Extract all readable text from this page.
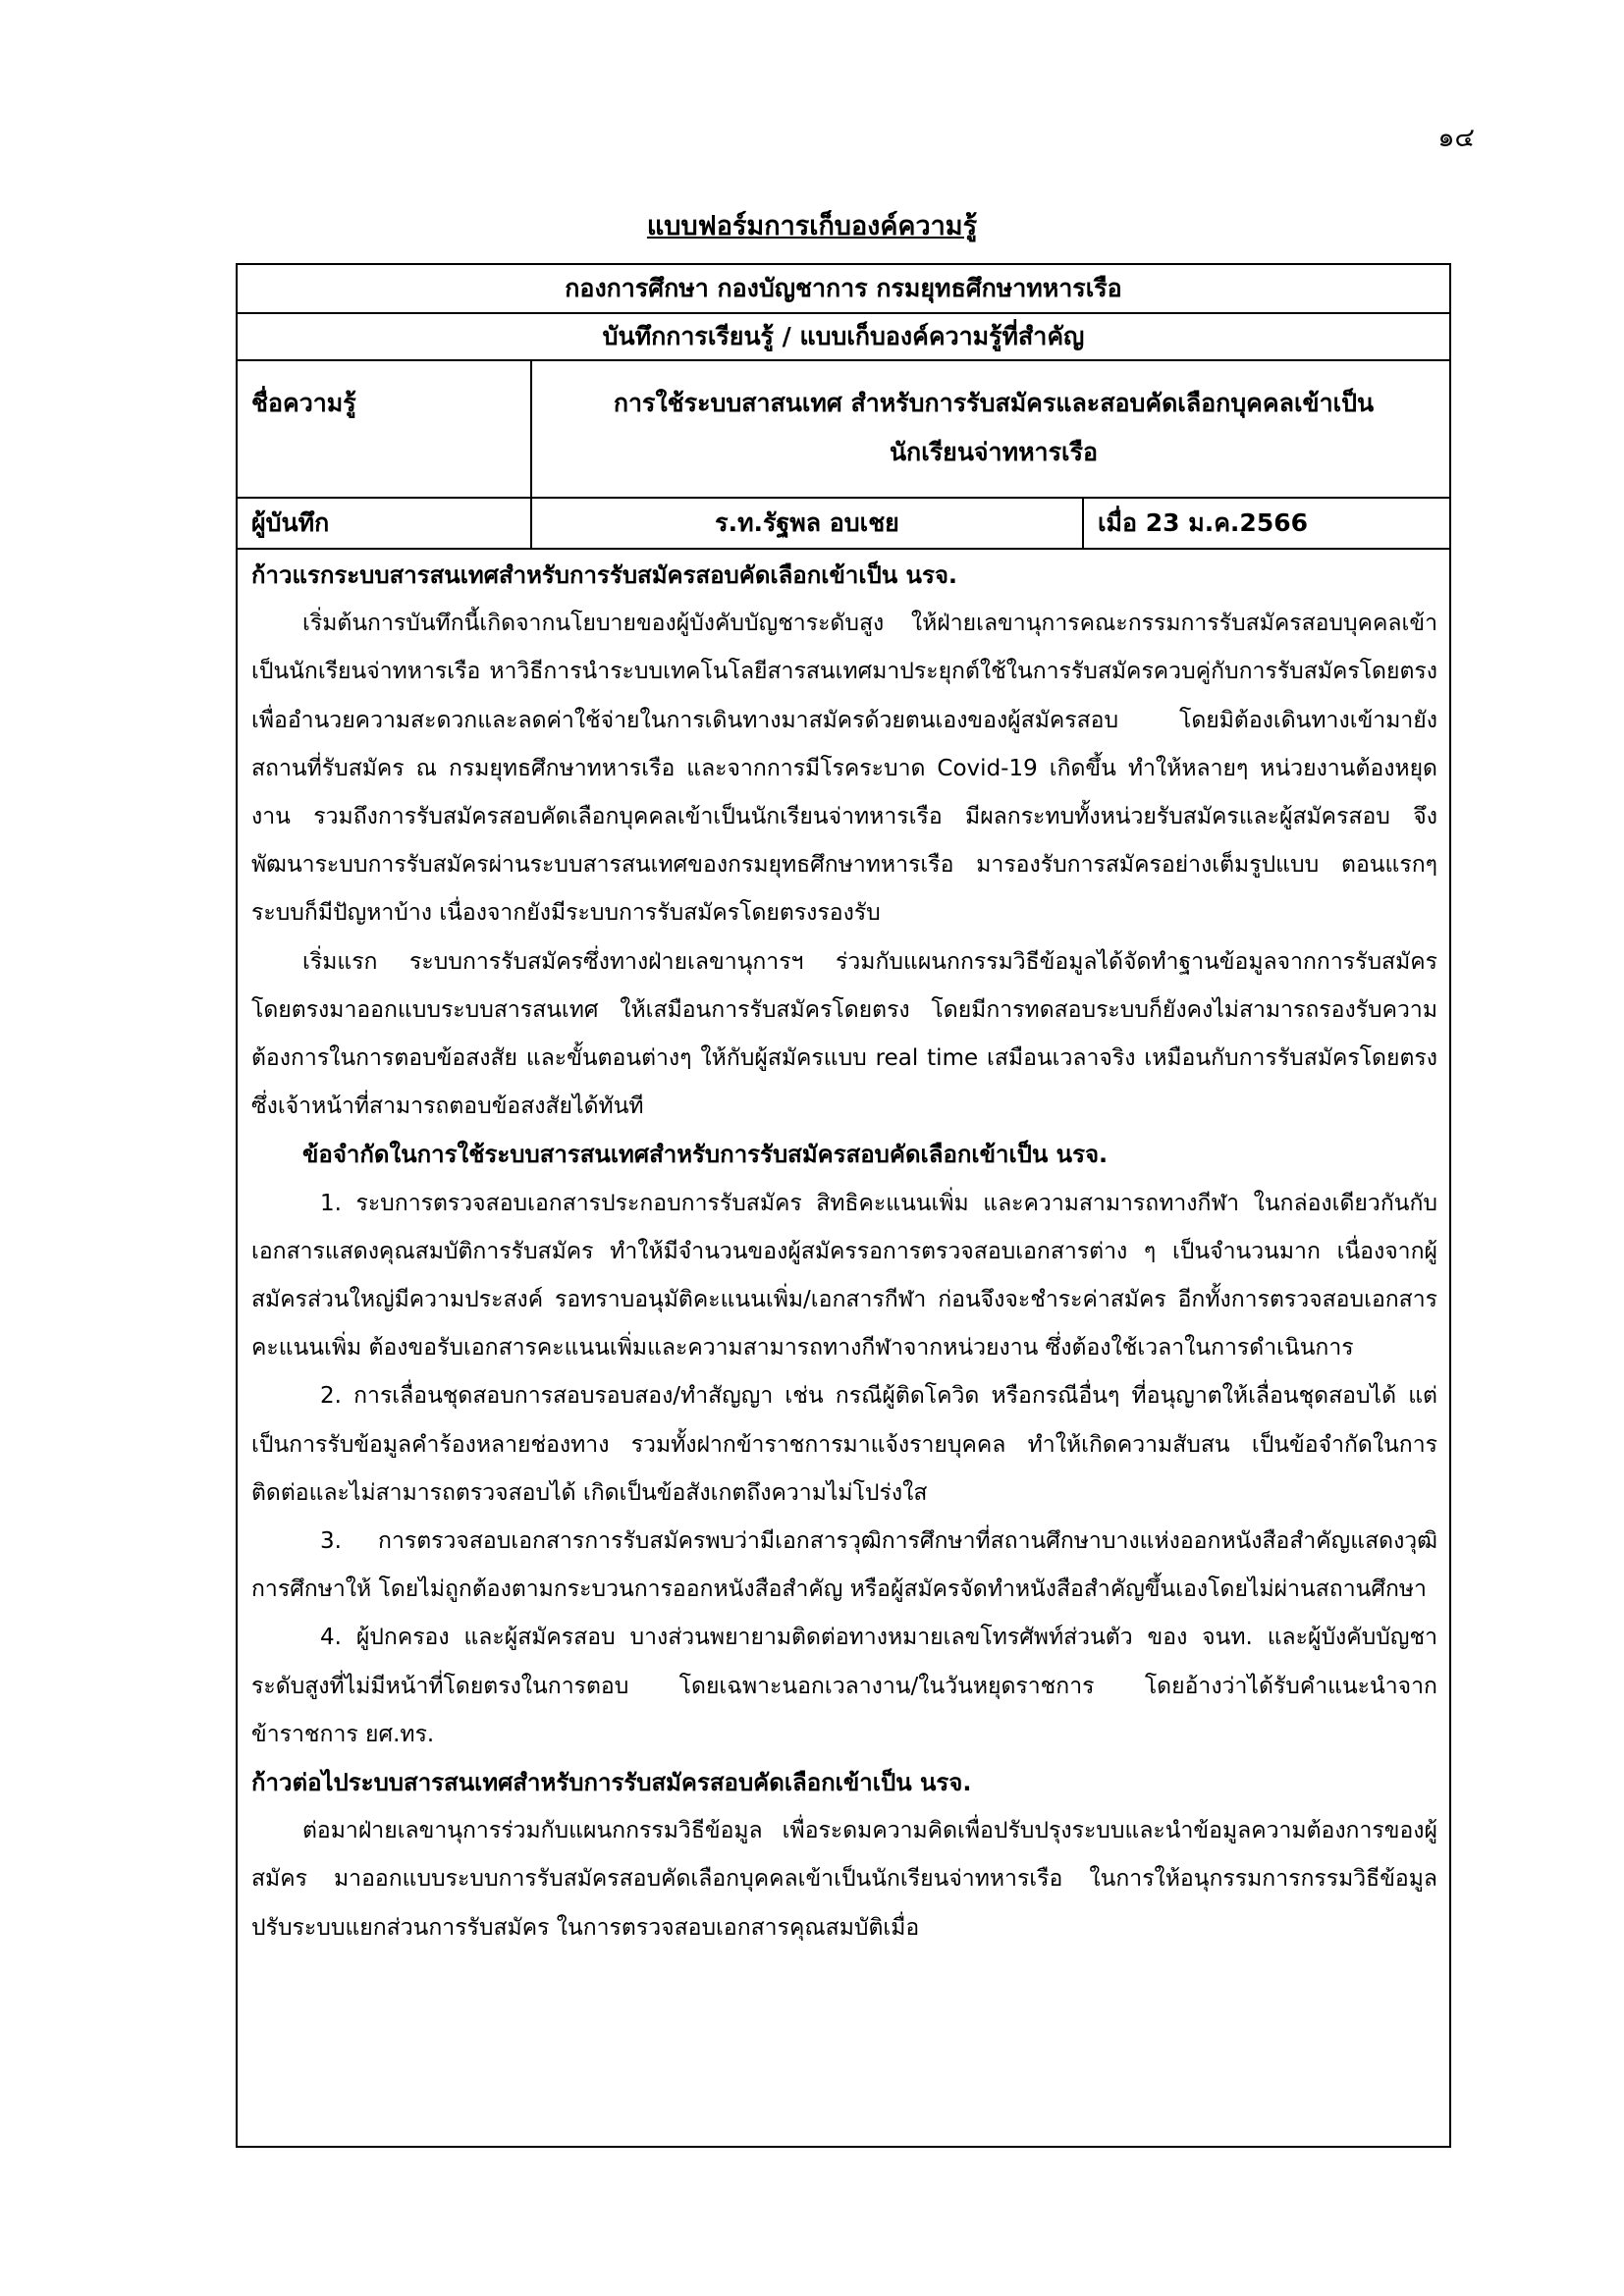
๑๔
แบบฟอร์มการเก็บองค์ความรู้
กองการศึกษา กองบัญชาการ กรมยุทธศึกษาทหารเรือ
บันทึกการเรียนรู้ / แบบเก็บองค์ความรู้ที่สำคัญ
ชื่อความรู้	การใช้ระบบสาสนเทศ สำหรับการรับสมัครและสอบคัดเลือกบุคคลเข้าเป็น
นักเรียนจ่าทหารเรือ
ผู้บันทึก	ร.ท.รัฐพล อบเชย	เมื่อ 23 ม.ค.2566

ก้าวแรกระบบสารสนเทศสำหรับการรับสมัครสอบคัดเลือกเข้าเป็น นรจ.

เริ่มต้นการบันทึกนี้เกิดจากนโยบายของผู้บังคับบัญชาระดับสูง ให้ฝ่ายเลขานุการคณะกรรมการรับสมัครสอบบุคคลเข้าเป็นนักเรียนจ่าทหารเรือ หาวิธีการนำระบบเทคโนโลยีสารสนเทศมาประยุกต์ใช้ในการรับสมัครควบคู่กับการรับสมัครโดยตรง เพื่ออำนวยความสะดวกและลดค่าใช้จ่ายในการเดินทางมาสมัครด้วยตนเองของผู้สมัครสอบ โดยมิต้องเดินทางเข้ามายังสถานที่รับสมัคร ณ กรมยุทธศึกษาทหารเรือ และจากการมีโรคระบาด Covid-19 เกิดขึ้น ทำให้หลายๆ หน่วยงานต้องหยุดงาน รวมถึงการรับสมัครสอบคัดเลือกบุคคลเข้าเป็นนักเรียนจ่าทหารเรือ มีผลกระทบทั้งหน่วยรับสมัครและผู้สมัครสอบ จึงพัฒนาระบบการรับสมัครผ่านระบบสารสนเทศของกรมยุทธศึกษาทหารเรือ มารองรับการสมัครอย่างเต็มรูปแบบ ตอนแรกๆ ระบบก็มีปัญหาบ้าง เนื่องจากยังมีระบบการรับสมัครโดยตรงรองรับ

เริ่มแรก ระบบการรับสมัครซึ่งทางฝ่ายเลขานุการฯ ร่วมกับแผนกกรรมวิธีข้อมูลได้จัดทำฐานข้อมูลจากการรับสมัครโดยตรงมาออกแบบระบบสารสนเทศ ให้เสมือนการรับสมัครโดยตรง โดยมีการทดสอบระบบก็ยังคงไม่สามารถรองรับความต้องการในการตอบข้อสงสัย และขั้นตอนต่างๆ ให้กับผู้สมัครแบบ real time เสมือนเวลาจริง เหมือนกับการรับสมัครโดยตรง ซึ่งเจ้าหน้าที่สามารถตอบข้อสงสัยได้ทันที

ข้อจำกัดในการใช้ระบบสารสนเทศสำหรับการรับสมัครสอบคัดเลือกเข้าเป็น นรจ.

1. ระบการตรวจสอบเอกสารประกอบการรับสมัคร สิทธิคะแนนเพิ่ม และความสามารถทางกีฬา ในกล่องเดียวกันกับเอกสารแสดงคุณสมบัติการรับสมัคร ทำให้มีจำนวนของผู้สมัครรอการตรวจสอบเอกสารต่าง ๆ เป็นจำนวนมาก เนื่องจากผู้สมัครส่วนใหญ่มีความประสงค์ รอทราบอนุมัติคะแนนเพิ่ม/เอกสารกีฬา ก่อนจึงจะชำระค่าสมัคร อีกทั้งการตรวจสอบเอกสารคะแนนเพิ่ม ต้องขอรับเอกสารคะแนนเพิ่มและความสามารถทางกีฬาจากหน่วยงาน ซึ่งต้องใช้เวลาในการดำเนินการ

2. การเลื่อนชุดสอบการสอบรอบสอง/ทำสัญญา เช่น กรณีผู้ติดโควิด หรือกรณีอื่นๆ ที่อนุญาตให้เลื่อนชุดสอบได้ แต่เป็นการรับข้อมูลคำร้องหลายช่องทาง รวมทั้งฝากข้าราชการมาแจ้งรายบุคคล ทำให้เกิดความสับสน เป็นข้อจำกัดในการติดต่อและไม่สามารถตรวจสอบได้ เกิดเป็นข้อสังเกตถึงความไม่โปร่งใส

3. การตรวจสอบเอกสารการรับสมัครพบว่ามีเอกสารวุฒิการศึกษาที่สถานศึกษาบางแห่งออกหนังสือสำคัญแสดงวุฒิการศึกษาให้ โดยไม่ถูกต้องตามกระบวนการออกหนังสือสำคัญ หรือผู้สมัครจัดทำหนังสือสำคัญขึ้นเองโดยไม่ผ่านสถานศึกษา

4. ผู้ปกครอง และผู้สมัครสอบ บางส่วนพยายามติดต่อทางหมายเลขโทรศัพท์ส่วนตัว ของ จนท. และผู้บังคับบัญชาระดับสูงที่ไม่มีหน้าที่โดยตรงในการตอบ โดยเฉพาะนอกเวลางาน/ในวันหยุดราชการ โดยอ้างว่าได้รับคำแนะนำจาก ข้าราชการ ยศ.ทร.

ก้าวต่อไประบบสารสนเทศสำหรับการรับสมัครสอบคัดเลือกเข้าเป็น นรจ.

ต่อมาฝ่ายเลขานุการร่วมกับแผนกกรรมวิธีข้อมูล เพื่อระดมความคิดเพื่อปรับปรุงระบบและนำข้อมูลความต้องการของผู้สมัคร มาออกแบบระบบการรับสมัครสอบคัดเลือกบุคคลเข้าเป็นนักเรียนจ่าทหารเรือ ในการให้อนุกรรมการกรรมวิธีข้อมูลปรับระบบแยกส่วนการรับสมัคร ในการตรวจสอบเอกสารคุณสมบัติเมื่อ
